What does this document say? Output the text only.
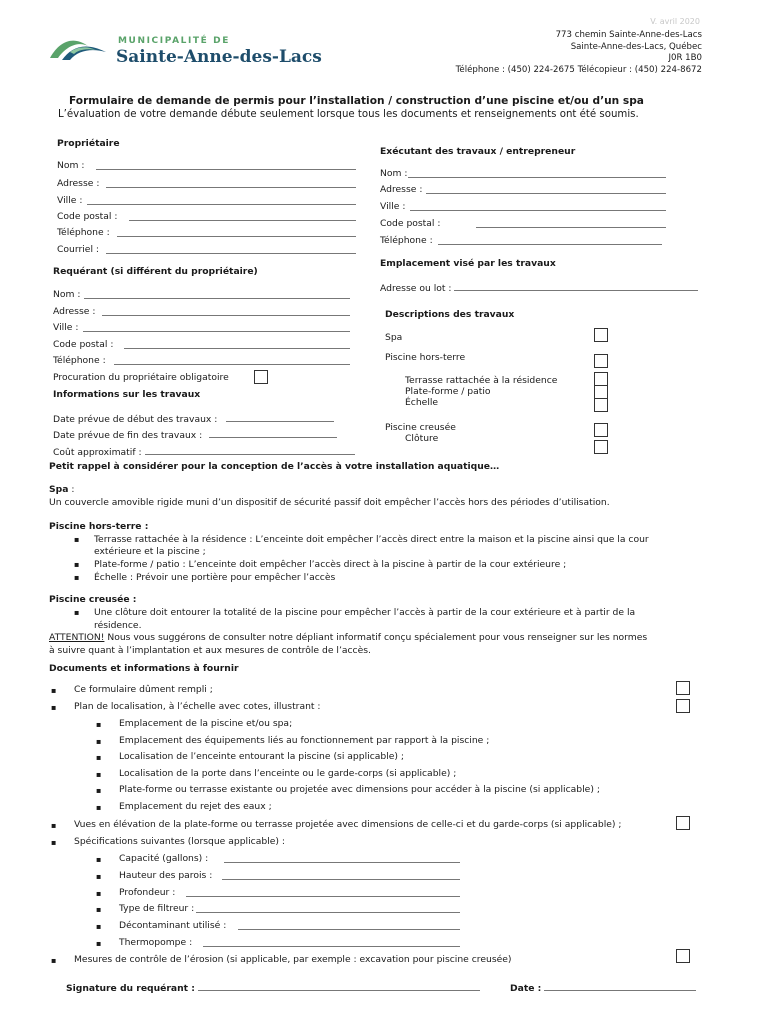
MUNICIPALITÉ DE
Sainte-Anne-des-Lacs
V. avril 2020
773 chemin Sainte-Anne-des-Lacs
Sainte-Anne-des-Lacs, Québec
J0R 1B0
Téléphone : (450) 224-2675 Télécopieur : (450) 224-8672
Formulaire de demande de permis pour l’installation / construction d’une piscine et/ou d’un spa
L’évaluation de votre demande débute seulement lorsque tous les documents et renseignements ont été soumis.
Propriétaire
Nom :
Adresse :
Ville :
Code postal :
Téléphone :
Courriel :
Exécutant des travaux / entrepreneur
Nom :
Adresse :
Ville :
Code postal :
Téléphone :
Requérant (si différent du propriétaire)
Nom :
Adresse :
Ville :
Code postal :
Téléphone :
Procuration du propriétaire obligatoire
Emplacement visé par les travaux
Adresse ou lot :
Descriptions des travaux
Spa
Piscine hors-terre
Terrasse rattachée à la résidence
Plate-forme / patio
Échelle
Piscine creusée
Clôture
Informations sur les travaux
Date prévue de début des travaux :
Date prévue de fin des travaux :
Coût approximatif :
Petit rappel à considérer pour la conception de l’accès à votre installation aquatique…
Spa :
Un couvercle amovible rigide muni d’un dispositif de sécurité passif doit empêcher l’accès hors des périodes d’utilisation.
Piscine hors-terre :
▪ Terrasse rattachée à la résidence : L’enceinte doit empêcher l’accès direct entre la maison et la piscine ainsi que la cour
extérieure et la piscine ;
▪ Plate-forme / patio : L’enceinte doit empêcher l’accès direct à la piscine à partir de la cour extérieure ;
▪ Échelle : Prévoir une portière pour empêcher l’accès
Piscine creusée :
▪ Une clôture doit entourer la totalité de la piscine pour empêcher l’accès à partir de la cour extérieure et à partir de la
résidence.
ATTENTION! Nous vous suggérons de consulter notre dépliant informatif conçu spécialement pour vous renseigner sur les normes
à suivre quant à l’implantation et aux mesures de contrôle de l’accès.
Documents et informations à fournir
▪ Ce formulaire dûment rempli ;
▪ Plan de localisation, à l’échelle avec cotes, illustrant :
▪ Emplacement de la piscine et/ou spa;
▪ Emplacement des équipements liés au fonctionnement par rapport à la piscine ;
▪ Localisation de l’enceinte entourant la piscine (si applicable) ;
▪ Localisation de la porte dans l’enceinte ou le garde-corps (si applicable) ;
▪ Plate-forme ou terrasse existante ou projetée avec dimensions pour accéder à la piscine (si applicable) ;
▪ Emplacement du rejet des eaux ;
▪ Vues en élévation de la plate-forme ou terrasse projetée avec dimensions de celle-ci et du garde-corps (si applicable) ;
▪ Spécifications suivantes (lorsque applicable) :
▪ Capacité (gallons) :
▪ Hauteur des parois :
▪ Profondeur :
▪ Type de filtreur :
▪ Décontaminant utilisé :
▪ Thermopompe :
▪ Mesures de contrôle de l’érosion (si applicable, par exemple : excavation pour piscine creusée)
Signature du requérant :	Date :
